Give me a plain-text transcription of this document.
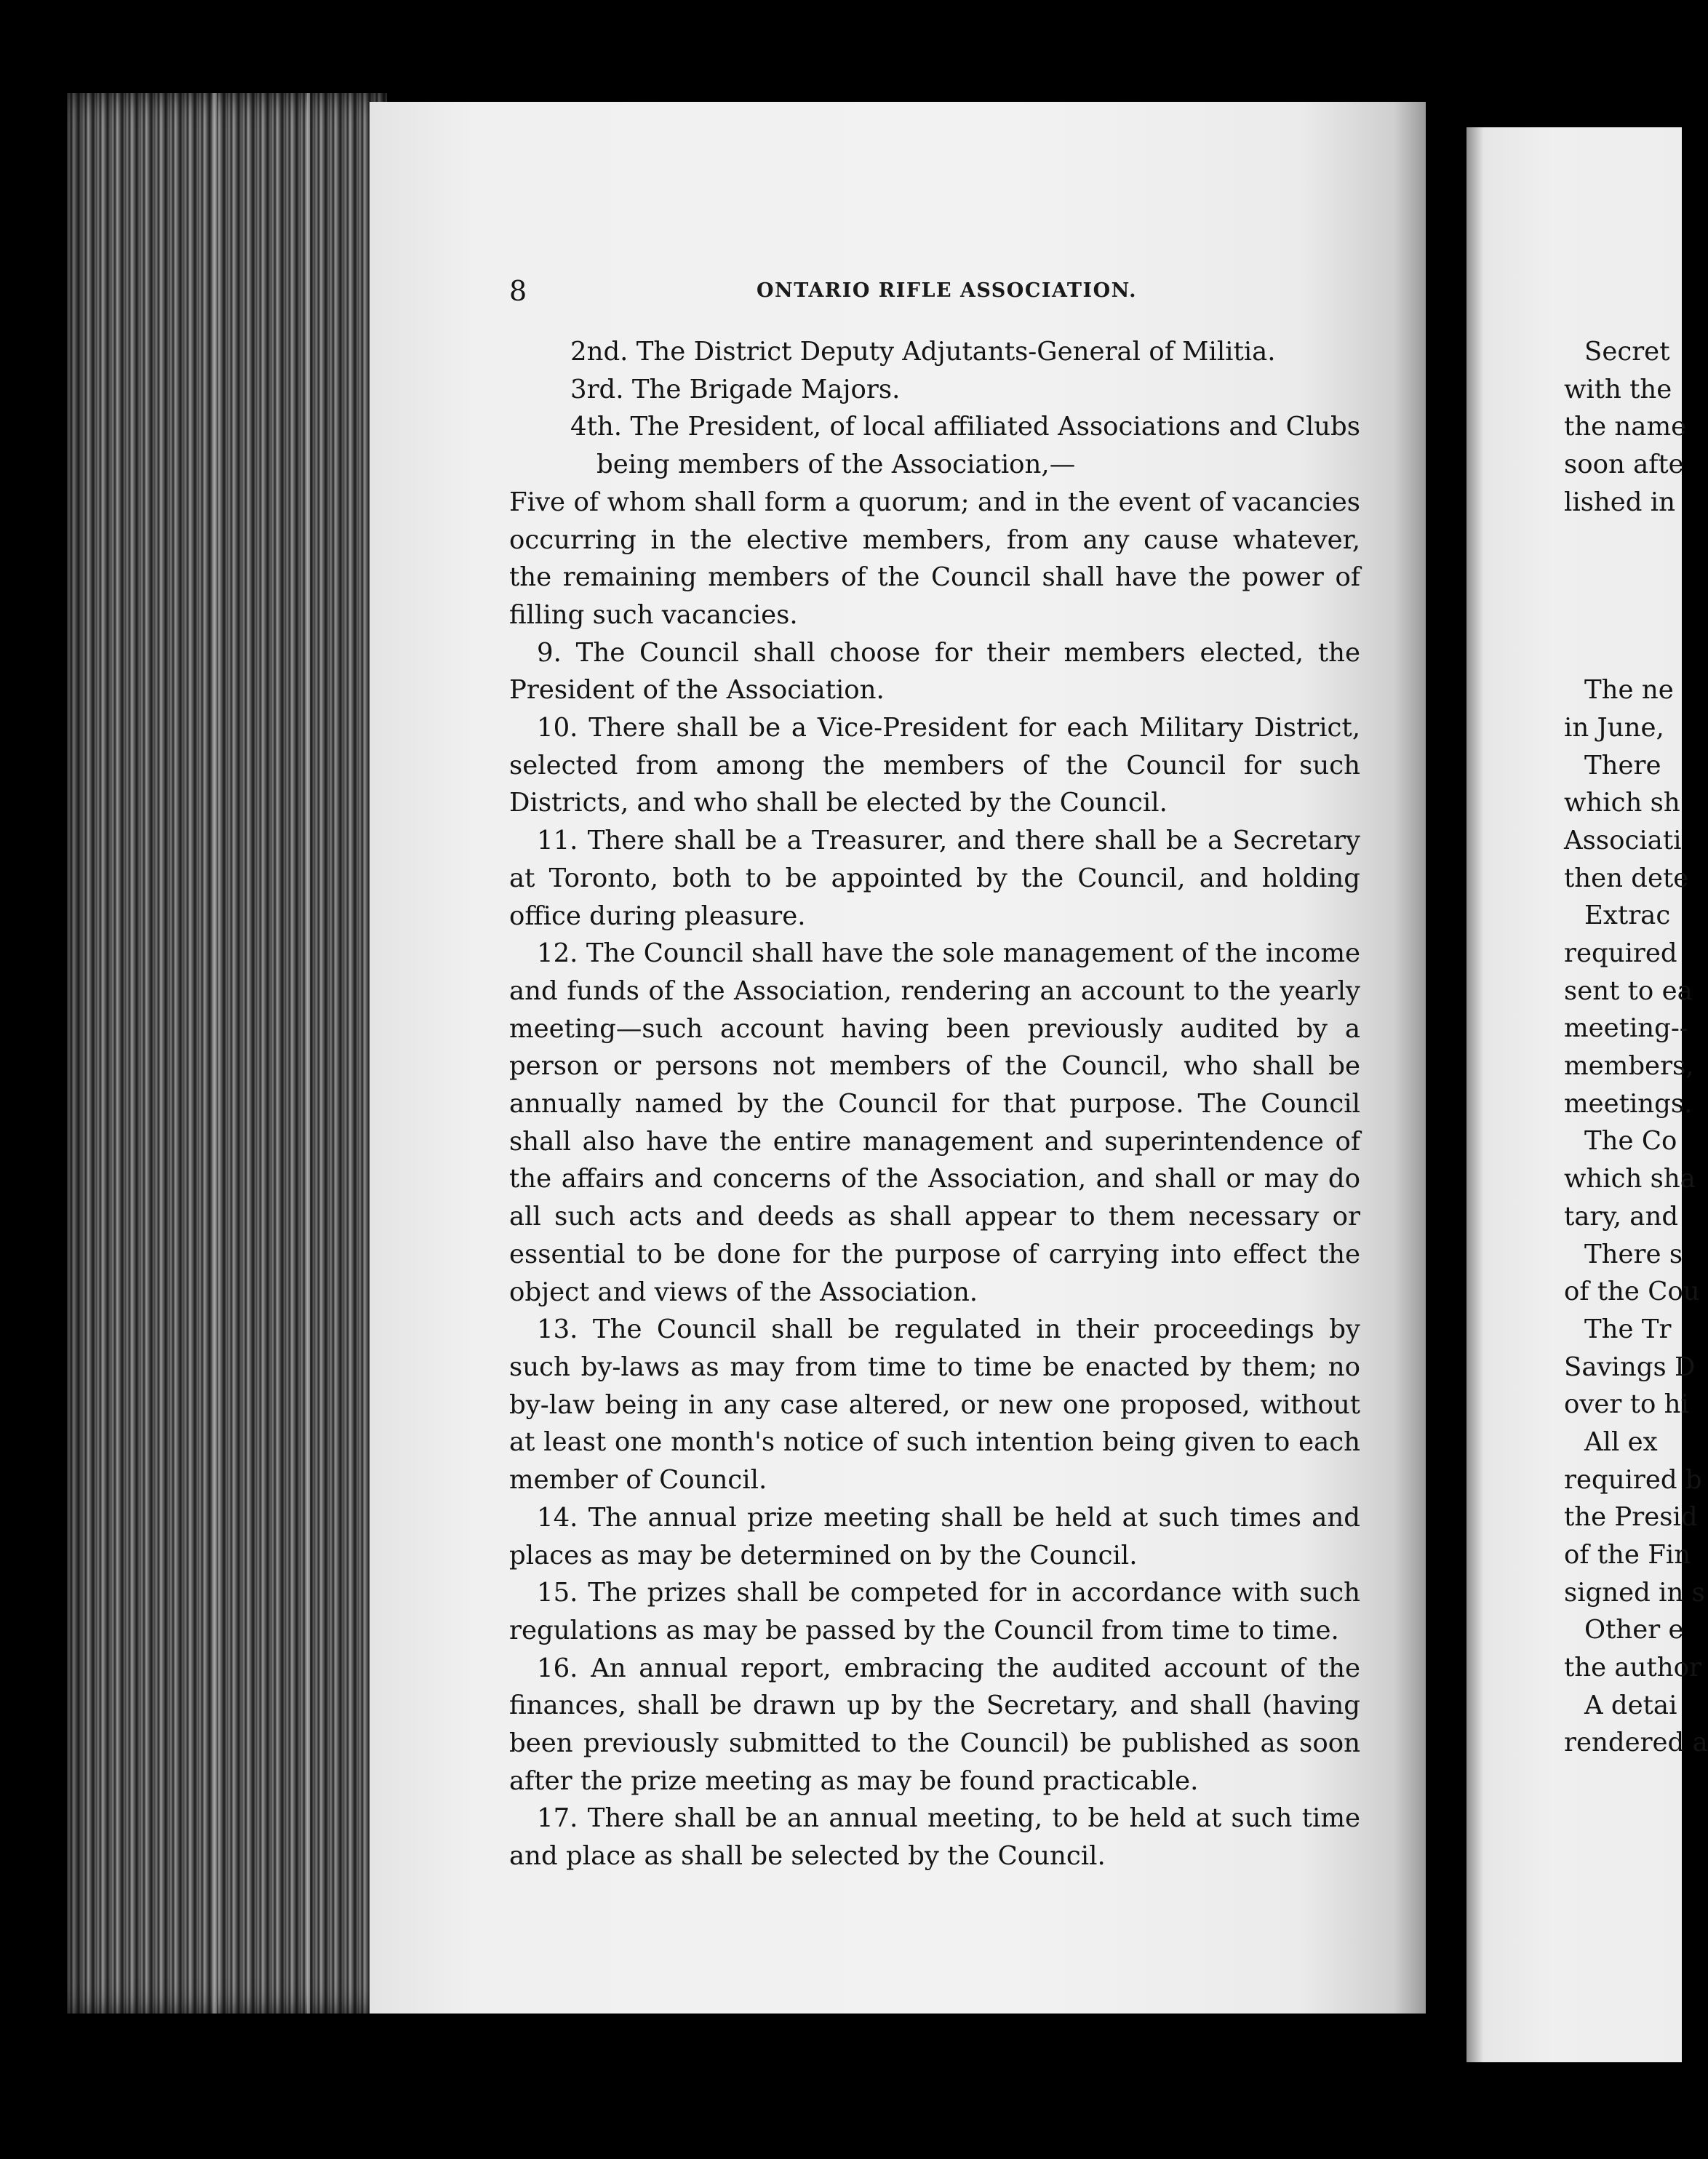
8	ONTARIO RIFLE ASSOCIATION.

2nd. The District Deputy Adjutants-General of Militia.

3rd. The Brigade Majors.

4th. The President, of local affiliated Associations and Clubs being members of the Association,—

Five of whom shall form a quorum; and in the event of vacancies occurring in the elective members, from any cause whatever, the remaining members of the Council shall have the power of filling such vacancies.

9. The Council shall choose for their members elected, the President of the Association.

10. There shall be a Vice-President for each Military District, selected from among the members of the Council for such Districts, and who shall be elected by the Council.

11. There shall be a Treasurer, and there shall be a Secretary at Toronto, both to be appointed by the Council, and holding office during pleasure.

12. The Council shall have the sole management of the income and funds of the Association, rendering an account to the yearly meeting—such account having been previously audited by a person or persons not members of the Council, who shall be annually named by the Council for that purpose. The Council shall also have the entire management and superintendence of the affairs and concerns of the Association, and shall or may do all such acts and deeds as shall appear to them necessary or essential to be done for the purpose of carrying into effect the object and views of the Association.

13. The Council shall be regulated in their proceedings by such by-laws as may from time to time be enacted by them; no by-law being in any case altered, or new one proposed, without at least one month's notice of such intention being given to each member of Council.

14. The annual prize meeting shall be held at such times and places as may be determined on by the Council.

15. The prizes shall be competed for in accordance with such regulations as may be passed by the Council from time to time.

16. An annual report, embracing the audited account of the finances, shall be drawn up by the Secretary, and shall (having been previously submitted to the Council) be published as soon after the prize meeting as may be found practicable.

17. There shall be an annual meeting, to be held at such time and place as shall be selected by the Council.

Secret
with the
the name
soon afte
lished in
The ne
in June,
There
which sh
Associati
then dete
Extrac
required
sent to ea
meeting--
members,
meetings.
The Co
which sha
tary, and
There s
of the Cou
The Tr
Savings D
over to hi
All ex
required b
the Presid
of the Fin
signed in s
Other e
the author
A detai
rendered a
